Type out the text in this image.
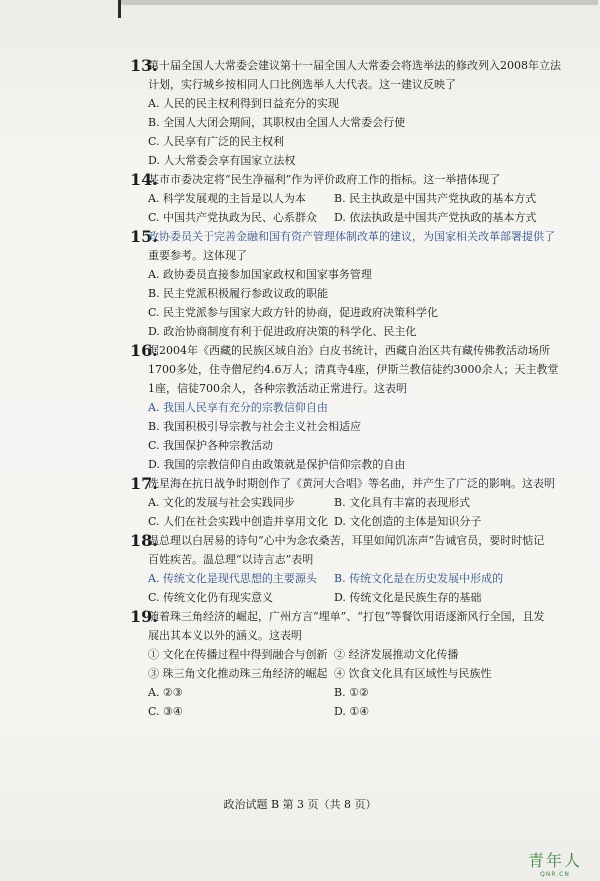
13.
第十届全国人大常委会建议第十一届全国人大常委会将选举法的修改列入2008年立法
计划，实行城乡按相同人口比例选举人大代表。这一建议反映了
A. 人民的民主权利得到日益充分的实现
B. 全国人大闭会期间，其职权由全国人大常委会行使
C. 人民享有广泛的民主权利
D. 人大常委会享有国家立法权
14.
某市市委决定将“民生净福利”作为评价政府工作的指标。这一举措体现了
A. 科学发展观的主旨是以人为本	B. 民主执政是中国共产党执政的基本方式
C. 中国共产党执政为民、心系群众	D. 依法执政是中国共产党执政的基本方式
15.
政协委员关于完善金融和国有资产管理体制改革的建议，为国家相关改革部署提供了
重要参考。这体现了
A. 政协委员直接参加国家政权和国家事务管理
B. 民主党派积极履行参政议政的职能
C. 民主党派参与国家大政方针的协商，促进政府决策科学化
D. 政治协商制度有利于促进政府决策的科学化、民主化
16.
据2004年《西藏的民族区域自治》白皮书统计，西藏自治区共有藏传佛教活动场所
1700多处，住寺僧尼约4.6万人；清真寺4座，伊斯兰教信徒约3000余人；天主教堂
1座，信徒700余人，各种宗教活动正常进行。这表明
A. 我国人民享有充分的宗教信仰自由
B. 我国积极引导宗教与社会主义社会相适应
C. 我国保护各种宗教活动
D. 我国的宗教信仰自由政策就是保护信仰宗教的自由
17.
冼星海在抗日战争时期创作了《黄河大合唱》等名曲，并产生了广泛的影响。这表明
A. 文化的发展与社会实践同步	B. 文化具有丰富的表现形式
C. 人们在社会实践中创造并享用文化 D. 文化创造的主体是知识分子
18.
温总理以白居易的诗句“心中为念农桑苦，耳里如闻饥冻声”告诫官员，要时时惦记
百姓疾苦。温总理“以诗言志”表明
A. 传统文化是现代思想的主要源头	B. 传统文化是在历史发展中形成的
C. 传统文化仍有现实意义	D. 传统文化是民族生存的基础
19.
随着珠三角经济的崛起，广州方言“埋单”、“打包”等餐饮用语逐渐风行全国，且发
展出其本义以外的涵义。这表明
① 文化在传播过程中得到融合与创新 ② 经济发展推动文化传播
③ 珠三角文化推动珠三角经济的崛起 ④ 饮食文化具有区域性与民族性
A. ②③	B. ①②
C. ③④	D. ①④
政治试题 B 第 3 页（共 8 页）
青年人
QNR.CN
